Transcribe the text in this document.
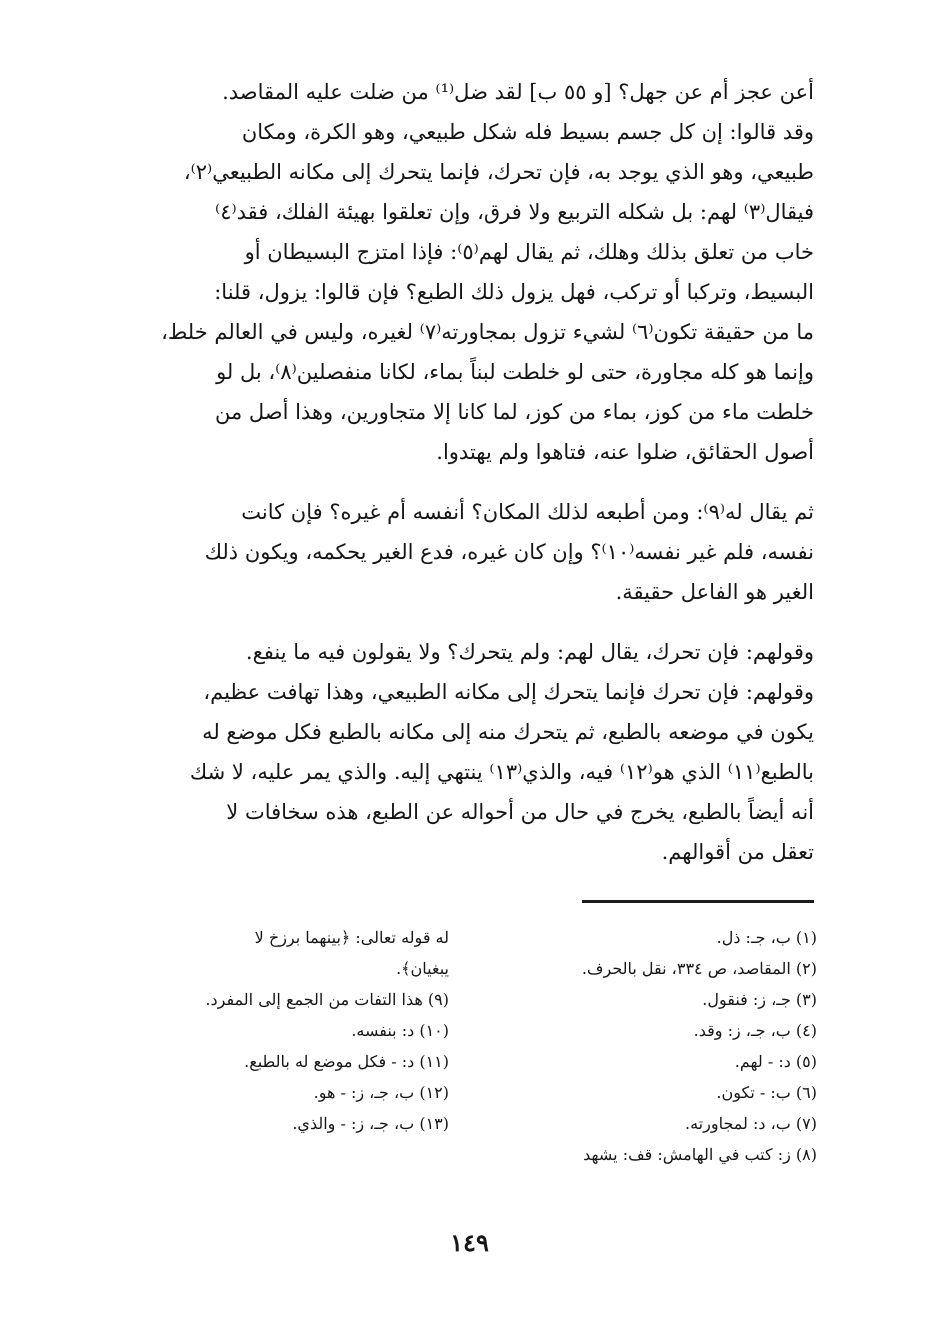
أعن عجز أم عن جهل؟ [و ٥٥ ب] لقد ضل⁽¹⁾ من ضلت عليه المقاصد.
وقد قالوا: إن كل جسم بسيط فله شكل طبيعي، وهو الكرة، ومكان
طبيعي، وهو الذي يوجد به، فإن تحرك، فإنما يتحرك إلى مكانه الطبيعي⁽٢⁾،
فيقال⁽٣⁾ لهم: بل شكله التربيع ولا فرق، وإن تعلقوا بهيئة الفلك، فقد⁽٤⁾
خاب من تعلق بذلك وهلك، ثم يقال لهم⁽٥⁾: فإذا امتزج البسيطان أو
البسيط، وتركبا أو تركب، فهل يزول ذلك الطبع؟ فإن قالوا: يزول، قلنا:
ما من حقيقة تكون⁽٦⁾ لشيء تزول بمجاورته⁽٧⁾ لغيره، وليس في العالم خلط،
وإنما هو كله مجاورة، حتى لو خلطت لبناً بماء، لكانا منفصلين⁽٨⁾، بل لو
خلطت ماء من كوز، بماء من كوز، لما كانا إلا متجاورين، وهذا أصل من
أصول الحقائق، ضلوا عنه، فتاهوا ولم يهتدوا.
ثم يقال له⁽٩⁾: ومن أطبعه لذلك المكان؟ أنفسه أم غيره؟ فإن كانت
نفسه، فلم غير نفسه⁽١٠⁾؟ وإن كان غيره، فدع الغير يحكمه، ويكون ذلك
الغير هو الفاعل حقيقة.
وقولهم: فإن تحرك، يقال لهم: ولم يتحرك؟ ولا يقولون فيه ما ينفع.
وقولهم: فإن تحرك فإنما يتحرك إلى مكانه الطبيعي، وهذا تهافت عظيم،
يكون في موضعه بالطبع، ثم يتحرك منه إلى مكانه بالطبع فكل موضع له
بالطبع⁽١١⁾ الذي هو⁽١٢⁾ فيه، والذي⁽١٣⁾ ينتهي إليه. والذي يمر عليه، لا شك
أنه أيضاً بالطبع، يخرج في حال من أحواله عن الطبع، هذه سخافات لا
تعقل من أقوالهم.
(١) ب، جـ: ذل.
(٢) المقاصد، ص ٣٣٤، نقل بالحرف.
(٣) جـ، ز: فنقول.
(٤) ب، جـ، ز: وقد.
(٥) د: - لهم.
(٦) ب: - تكون.
(٧) ب، د: لمجاورته.
(٨) ز: كتب في الهامش: قف: يشهد
له قوله تعالى: ﴿بينهما برزخ لا
يبغيان﴾.
(٩) هذا التفات من الجمع إلى المفرد.
(١٠) د: بنفسه.
(١١) د: - فكل موضع له بالطبع.
(١٢) ب، جـ، ز: - هو.
(١٣) ب، جـ، ز: - والذي.
١٤٩
